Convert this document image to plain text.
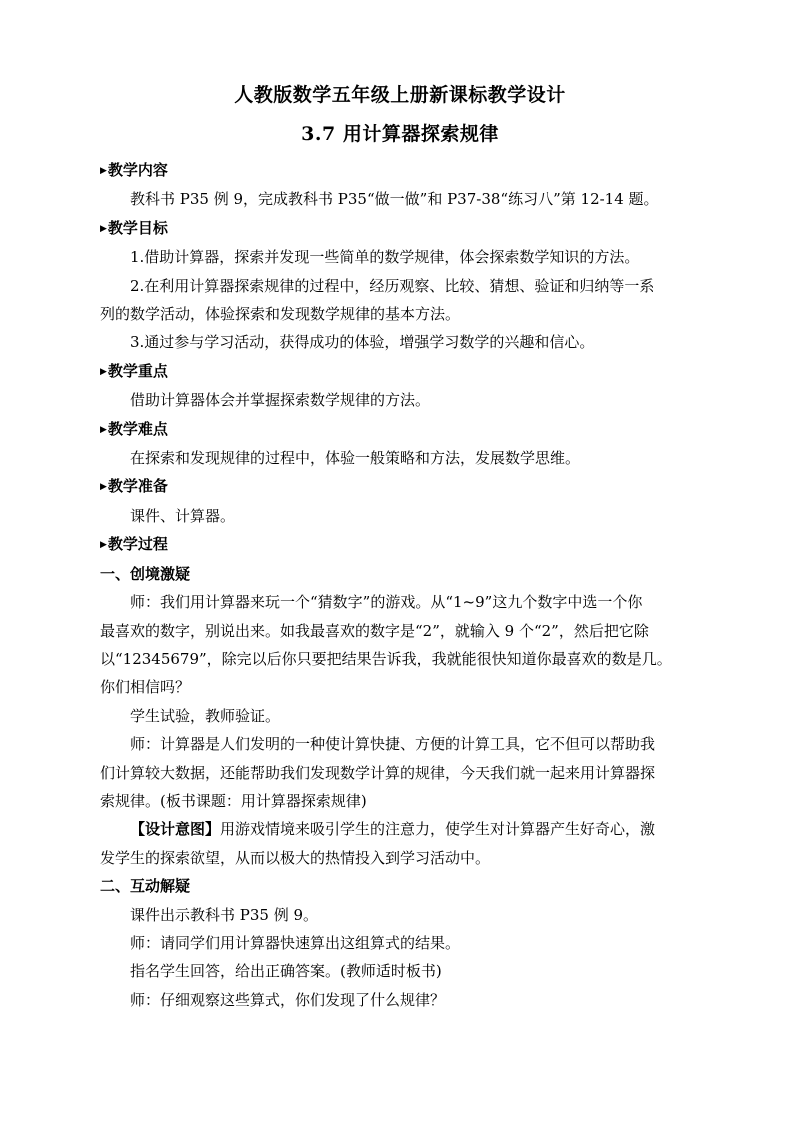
人教版数学五年级上册新课标教学设计
3.7 用计算器探索规律
▶教学内容
教科书 P35 例 9，完成教科书 P35“做一做”和 P37-38“练习八”第 12-14 题。
▶教学目标
1.借助计算器，探索并发现一些简单的数学规律，体会探索数学知识的方法。
2.在利用计算器探索规律的过程中，经历观察、比较、猜想、验证和归纳等一系
列的数学活动，体验探索和发现数学规律的基本方法。
3.通过参与学习活动，获得成功的体验，增强学习数学的兴趣和信心。
▶教学重点
借助计算器体会并掌握探索数学规律的方法。
▶教学难点
在探索和发现规律的过程中，体验一般策略和方法，发展数学思维。
▶教学准备
课件、计算器。
▶教学过程
一、创境激疑
师：我们用计算器来玩一个“猜数字”的游戏。从“1~9”这九个数字中选一个你
最喜欢的数字，别说出来。如我最喜欢的数字是“2”，就输入 9 个“2”，然后把它除
以“12345679”，除完以后你只要把结果告诉我，我就能很快知道你最喜欢的数是几。
你们相信吗？
学生试验，教师验证。
师：计算器是人们发明的一种使计算快捷、方便的计算工具，它不但可以帮助我
们计算较大数据，还能帮助我们发现数学计算的规律，今天我们就一起来用计算器探
索规律。(板书课题：用计算器探索规律)
【设计意图】用游戏情境来吸引学生的注意力，使学生对计算器产生好奇心，激
发学生的探索欲望，从而以极大的热情投入到学习活动中。
二、互动解疑
课件出示教科书 P35 例 9。
师：请同学们用计算器快速算出这组算式的结果。
指名学生回答，给出正确答案。(教师适时板书)
师：仔细观察这些算式，你们发现了什么规律？
